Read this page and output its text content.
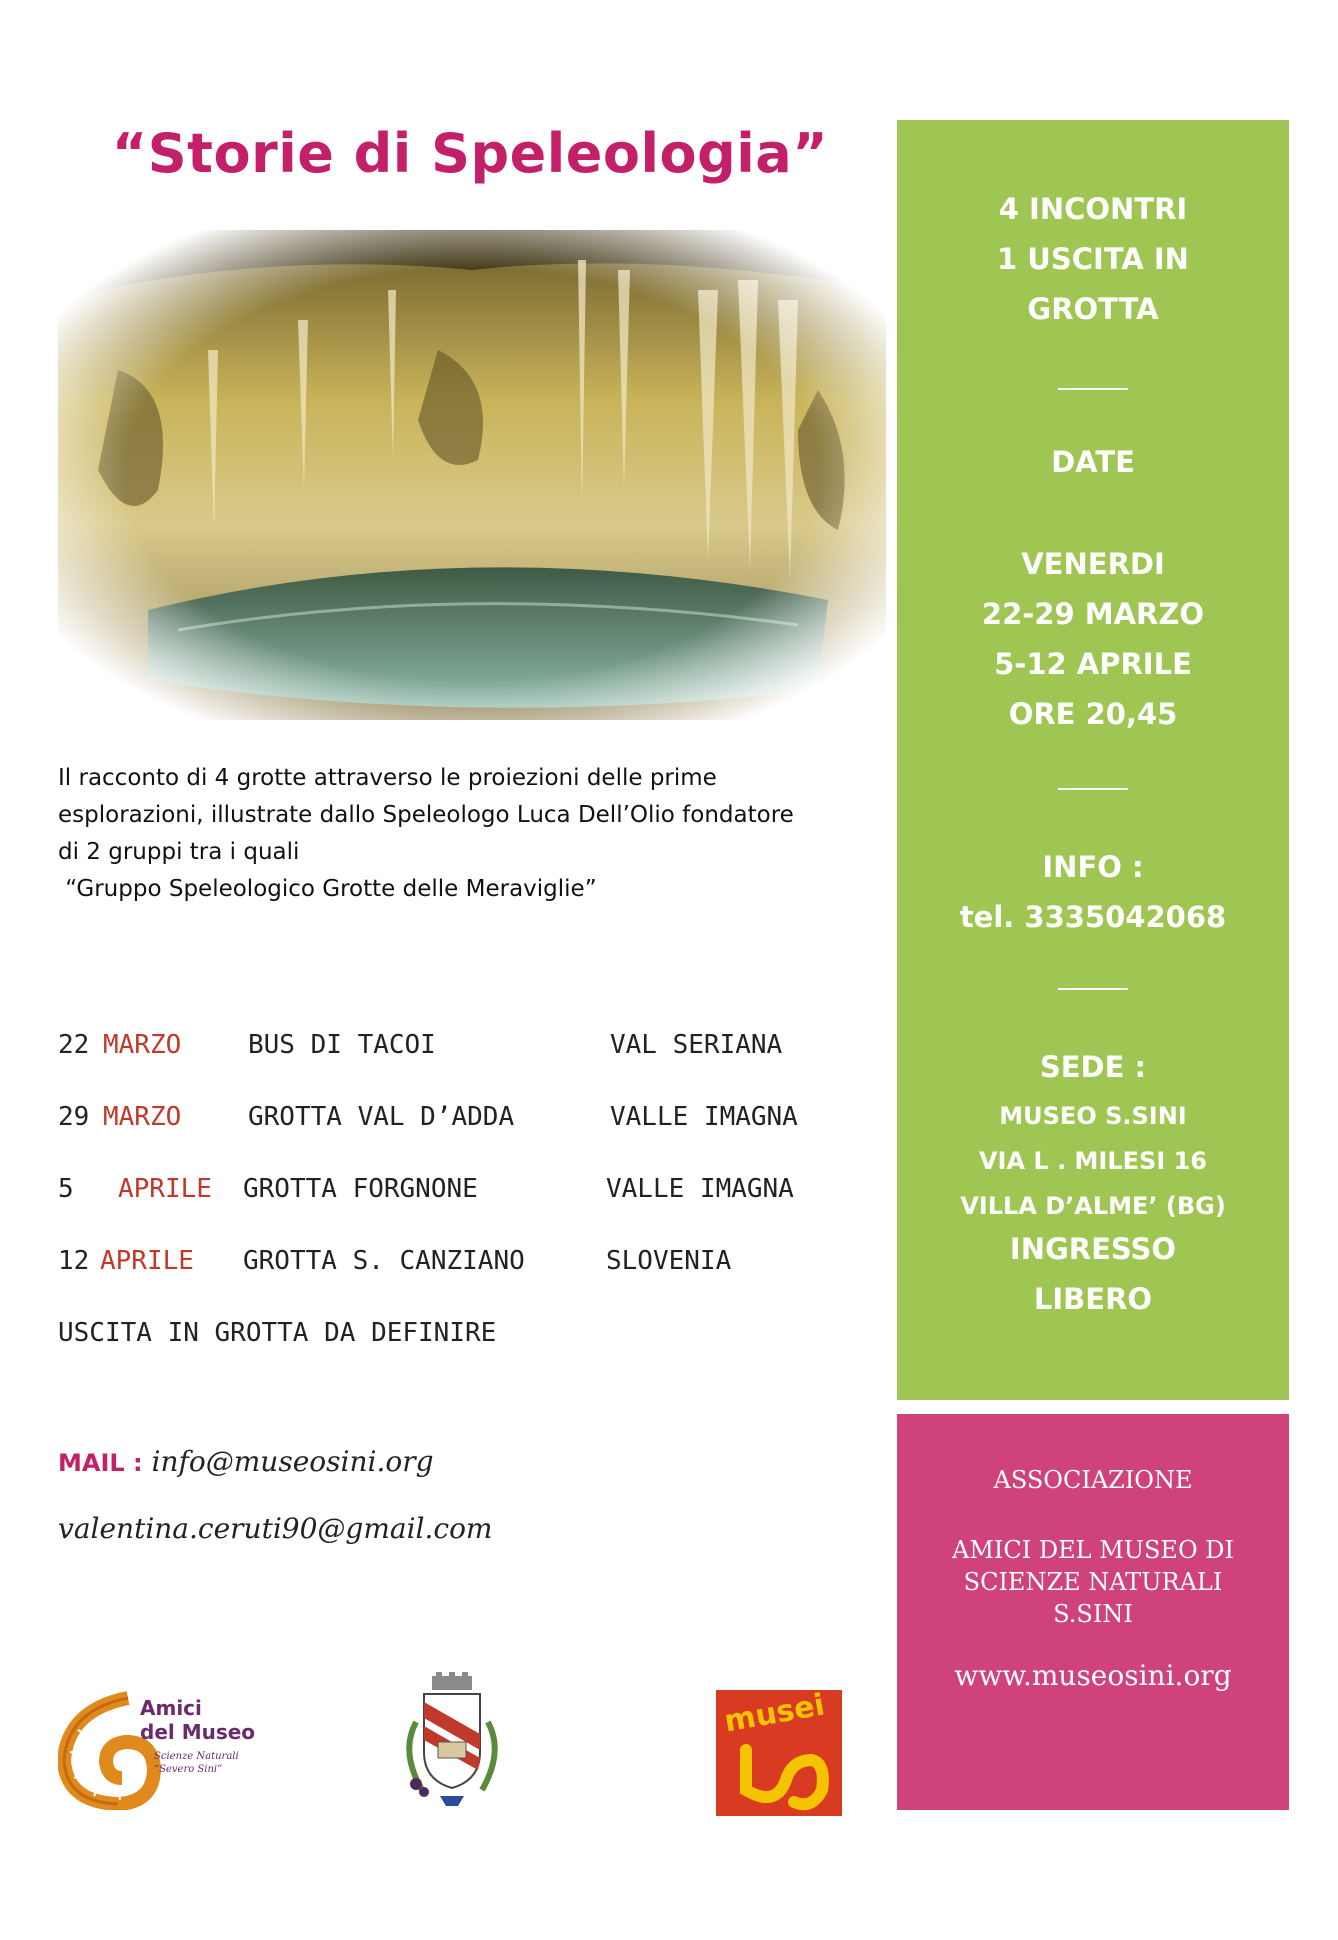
“Storie di Speleologia”
Il racconto di 4 grotte attraverso le proiezioni delle prime
esplorazioni, illustrate dallo Speleologo Luca Dell’Olio fondatore
di 2 gruppi tra i quali
“Gruppo Speleologico Grotte delle Meraviglie”
22 MARZO	BUS DI TACOI	VAL SERIANA
29 MARZO	GROTTA VAL D’ADDA	VALLE IMAGNA
5 APRILE GROTTA FORGNONE	VALLE IMAGNA
12 APRILE GROTTA S. CANZIANO	SLOVENIA
USCITA IN GROTTA DA DEFINIRE
MAIL : info@museosini.org
valentina.ceruti90@gmail.com
4 INCONTRI
1 USCITA IN
GROTTA
DATE
VENERDI
22-29 MARZO
5-12 APRILE
ORE 20,45
INFO :
tel. 3335042068
SEDE :
MUSEO S.SINI
VIA L . MILESI 16
VILLA D’ALME’ (BG)
INGRESSO
LIBERO
ASSOCIAZIONE
AMICI DEL MUSEO DI
SCIENZE NATURALI
S.SINI
www.museosini.org
Amici
del Museo
Scienze Naturali
“Severo Sini”
musei
